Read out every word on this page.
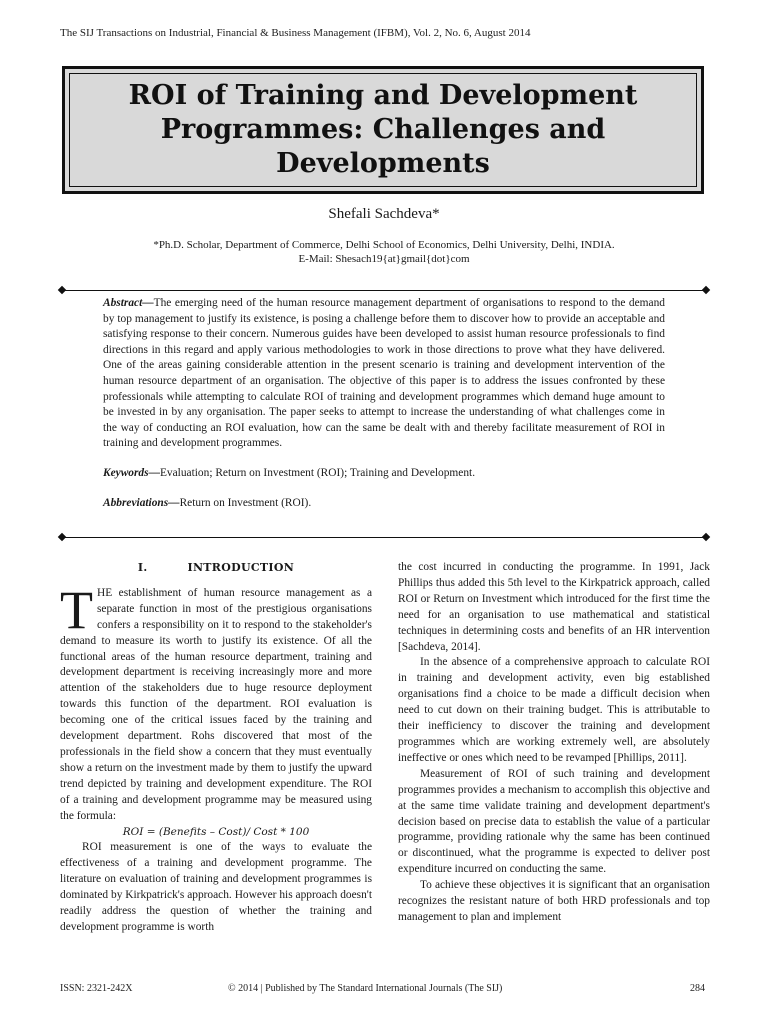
The SIJ Transactions on Industrial, Financial & Business Management (IFBM), Vol. 2, No. 6, August 2014
ROI of Training and Development Programmes: Challenges and Developments
Shefali Sachdeva*
*Ph.D. Scholar, Department of Commerce, Delhi School of Economics, Delhi University, Delhi, INDIA.
E-Mail: Shesach19{at}gmail{dot}com

Abstract—The emerging need of the human resource management department of organisations to respond to the demand by top management to justify its existence, is posing a challenge before them to discover how to provide an acceptable and satisfying response to their concern. Numerous guides have been developed to assist human resource professionals to find directions in this regard and apply various methodologies to work in those directions to prove what they have delivered. One of the areas gaining considerable attention in the present scenario is training and development intervention of the human resource department of an organisation. The objective of this paper is to address the issues confronted by these professionals while attempting to calculate ROI of training and development programmes which demand huge amount to be invested in by any organisation. The paper seeks to attempt to increase the understanding of what challenges come in the way of conducting an ROI evaluation, how can the same be dealt with and thereby facilitate measurement of ROI in training and development programmes.

Keywords—Evaluation; Return on Investment (ROI); Training and Development.

Abbreviations—Return on Investment (ROI).

I.	INTRODUCTION

THE establishment of human resource management as a separate function in most of the prestigious organisations confers a responsibility on it to respond to the stakeholder's demand to measure its worth to justify its existence. Of all the functional areas of the human resource department, training and development department is receiving increasingly more and more attention of the stakeholders due to huge resource deployment towards this function of the department. ROI evaluation is becoming one of the critical issues faced by the training and development department. Rohs discovered that most of the professionals in the field show a concern that they must eventually show a return on the investment made by them to justify the upward trend depicted by training and development expenditure. The ROI of a training and development programme may be measured using the formula:

ROI = (Benefits – Cost)/ Cost * 100

ROI measurement is one of the ways to evaluate the effectiveness of a training and development programme. The literature on evaluation of training and development programmes is dominated by Kirkpatrick's approach. However his approach doesn't readily address the question of whether the training and development programme is worth

the cost incurred in conducting the programme. In 1991, Jack Phillips thus added this 5th level to the Kirkpatrick approach, called ROI or Return on Investment which introduced for the first time the need for an organisation to use mathematical and statistical techniques in determining costs and benefits of an HR intervention [Sachdeva, 2014].

In the absence of a comprehensive approach to calculate ROI in training and development activity, even big established organisations find a choice to be made a difficult decision when need to cut down on their training budget. This is attributable to their inefficiency to discover the training and development programmes which are working extremely well, are absolutely ineffective or ones which need to be revamped [Phillips, 2011].

Measurement of ROI of such training and development programmes provides a mechanism to accomplish this objective and at the same time validate training and development department's decision based on precise data to establish the value of a particular programme, providing rationale why the same has been continued or discontinued, what the programme is expected to deliver post expenditure incurred on conducting the same.

To achieve these objectives it is significant that an organisation recognizes the resistant nature of both HRD professionals and top management to plan and implement

ISSN: 2321-242X	© 2014 | Published by The Standard International Journals (The SIJ)	284
